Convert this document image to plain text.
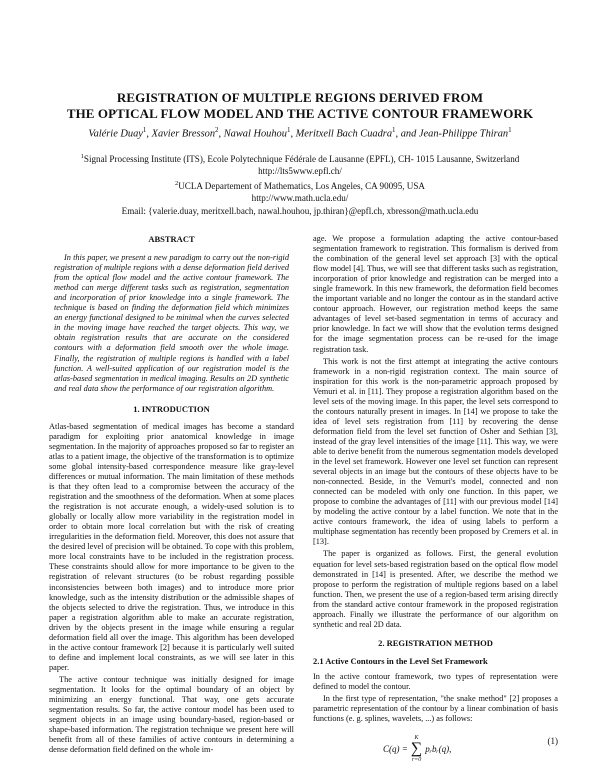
REGISTRATION OF MULTIPLE REGIONS DERIVED FROM
THE OPTICAL FLOW MODEL AND THE ACTIVE CONTOUR FRAMEWORK

Valérie Duay$^1$, Xavier Bresson$^2$, Nawal Houhou$^1$, Meritxell Bach Cuadra$^1$, and Jean-Philippe Thiran$^1$

$^1$Signal Processing Institute (ITS), Ecole Polytechnique Fédérale de Lausanne (EPFL), CH- 1015 Lausanne, Switzerland
http://lts5www.epfl.ch/
$^2$UCLA Departement of Mathematics, Los Angeles, CA 90095, USA
http://www.math.ucla.edu/
Email: {valerie.duay, meritxell.bach, nawal.houhou, jp.thiran}@epfl.ch, xbresson@math.ucla.edu
ABSTRACT

In this paper, we present a new paradigm to carry out the non-rigid registration of multiple regions with a dense deformation field derived from the optical flow model and the active contour framework. The method can merge different tasks such as registration, segmentation and incorporation of prior knowledge into a single framework. The technique is based on finding the deformation field which minimizes an energy functional designed to be minimal when the curves selected in the moving image have reached the target objects. This way, we obtain registration results that are accurate on the considered contours with a deformation field smooth over the whole image. Finally, the registration of multiple regions is handled with a label function. A well-suited application of our registration model is the atlas-based segmentation in medical imaging. Results on 2D synthetic and real data show the performance of our registration algorithm.

1. INTRODUCTION

Atlas-based segmentation of medical images has become a standard paradigm for exploiting prior anatomical knowledge in image segmentation. In the majority of approaches proposed so far to register an atlas to a patient image, the objective of the transformation is to optimize some global intensity-based correspondence measure like gray-level differences or mutual information. The main limitation of these methods is that they often lead to a compromise between the accuracy of the registration and the smoothness of the deformation. When at some places the registration is not accurate enough, a widely-used solution is to globally or locally allow more variability in the registration model in order to obtain more local correlation but with the risk of creating irregularities in the deformation field. Moreover, this does not assure that the desired level of precision will be obtained. To cope with this problem, more local constraints have to be included in the registration process. These constraints should allow for more importance to be given to the registration of relevant structures (to be robust regarding possible inconsistencies between both images) and to introduce more prior knowledge, such as the intensity distribution or the admissible shapes of the objects selected to drive the registration. Thus, we introduce in this paper a registration algorithm able to make an accurate registration, driven by the objects present in the image while ensuring a regular deformation field all over the image. This algorithm has been developed in the active contour framework [2] because it is particularly well suited to define and implement local constraints, as we will see later in this paper.

The active contour technique was initially designed for image segmentation. It looks for the optimal boundary of an object by minimizing an energy functional. That way, one gets accurate segmentation results. So far, the active contour model has been used to segment objects in an image using boundary-based, region-based or shape-based information. The registration technique we present here will benefit from all of these families of active contours in determining a dense deformation field defined on the whole im-

age. We propose a formulation adapting the active contour-based segmentation framework to registration. This formalism is derived from the combination of the general level set approach [3] with the optical flow model [4]. Thus, we will see that different tasks such as registration, incorporation of prior knowledge and registration can be merged into a single framework. In this new framework, the deformation field becomes the important variable and no longer the contour as in the standard active contour approach. However, our registration method keeps the same advantages of level set-based segmentation in terms of accuracy and prior knowledge. In fact we will show that the evolution terms designed for the image segmentation process can be re-used for the image registration task.

This work is not the first attempt at integrating the active contours framework in a non-rigid registration context. The main source of inspiration for this work is the non-parametric approach proposed by Vemuri et al. in [11]. They propose a registration algorithm based on the level sets of the moving image. In this paper, the level sets correspond to the contours naturally present in images. In [14] we propose to take the idea of level sets registration from [11] by recovering the dense deformation field from the level set function of Osher and Sethian [3], instead of the gray level intensities of the image [11]. This way, we were able to derive benefit from the numerous segmentation models developed in the level set framework. However one level set function can represent several objects in an image but the contours of these objects have to be non-connected. Beside, in the Vemuri's model, connected and non connected can be modeled with only one function. In this paper, we propose to combine the advantages of [11] with our previous model [14] by modeling the active contour by a label function. We note that in the active contours framework, the idea of using labels to perform a multiphase segmentation has recently been proposed by Cremers et al. in [13].

The paper is organized as follows. First, the general evolution equation for level sets-based registration based on the optical flow model demonstrated in [14] is presented. After, we describe the method we propose to perform the registration of multiple regions based on a label function. Then, we present the use of a region-based term arising directly from the standard active contour framework in the proposed registration approach. Finally we illustrate the performance of our algorithm on synthetic and real 2D data.

2. REGISTRATION METHOD
2.1 Active Contours in the Level Set Framework

In the active contour framework, two types of representation were defined to model the contour.

In the first type of representation, "the snake method" [2] proposes a parametric representation of the contour by a linear combination of basis functions (e. g. splines, wavelets, ...) as follows:

C(q) =
K
∑
r=0
pᵣbᵣ(q),
(1)
